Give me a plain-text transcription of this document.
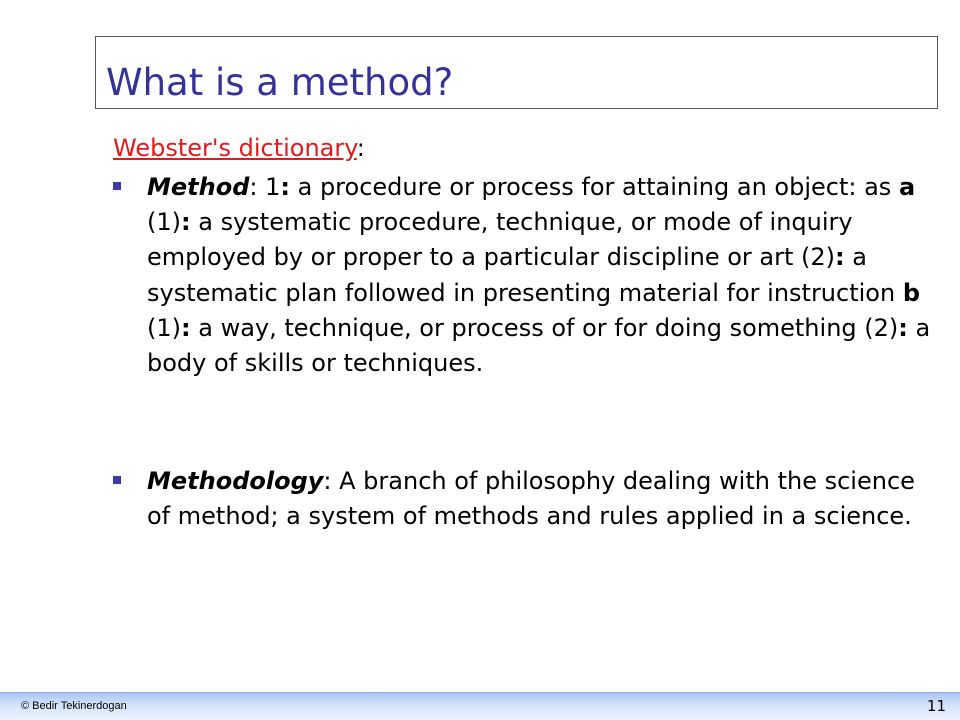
What is a method?
Webster's dictionary:
Method: 1: a procedure or process for attaining an object: as a (1): a systematic procedure, technique, or mode of inquiry employed by or proper to a particular discipline or art (2): a systematic plan followed in presenting material for instruction b (1): a way, technique, or process of or for doing something (2): a body of skills or techniques.
Methodology: A branch of philosophy dealing with the science of method; a system of methods and rules applied in a science.
© Bedir Tekinerdogan	11
